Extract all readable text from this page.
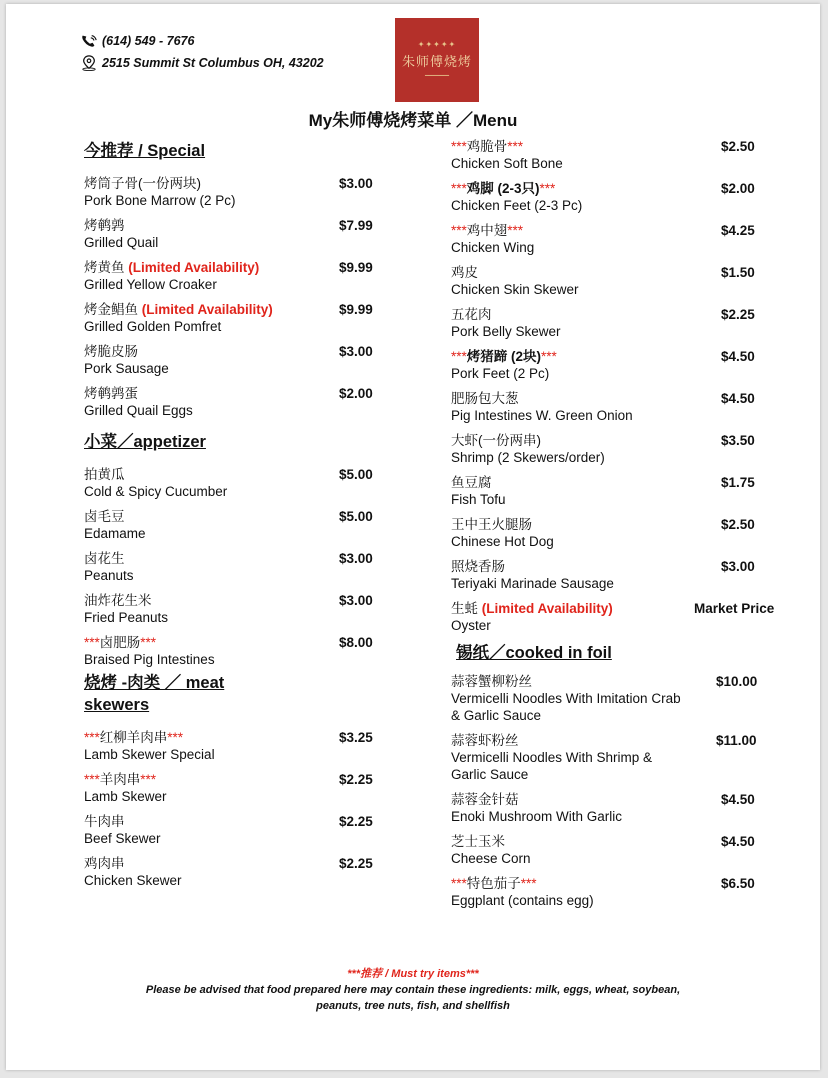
(614) 549 - 7676
2515 Summit St Columbus OH, 43202
✦✦✦✦✦
朱师傅烧烤
━━━━━━━━
My朱师傅烧烤菜单 ／Menu
今推荐 / Special
烤筒子骨(一份两块)
Pork Bone Marrow (2 Pc)
$3.00
烤鹌鹑
Grilled Quail
$7.99
烤黄鱼 (Limited Availability)
Grilled Yellow Croaker
$9.99
烤金鲳鱼 (Limited Availability)
Grilled Golden Pomfret
$9.99
烤脆皮肠
Pork Sausage
$3.00
烤鹌鹑蛋
Grilled Quail Eggs
$2.00
小菜／appetizer
拍黄瓜
Cold & Spicy Cucumber
$5.00
卤毛豆
Edamame
$5.00
卤花生
Peanuts
$3.00
油炸花生米
Fried Peanuts
$3.00
***卤肥肠***
Braised Pig Intestines
$8.00
烧烤 -肉类 ／ meat skewers
***红柳羊肉串***
Lamb Skewer Special
$3.25
***羊肉串***
Lamb Skewer
$2.25
牛肉串
Beef Skewer
$2.25
鸡肉串
Chicken Skewer
$2.25
***鸡脆骨***
Chicken Soft Bone
$2.50
***鸡脚 (2-3只)***
Chicken Feet (2-3 Pc)
$2.00
***鸡中翅***
Chicken Wing
$4.25
鸡皮
Chicken Skin Skewer
$1.50
五花肉
Pork Belly Skewer
$2.25
***烤猪蹄 (2块)***
Pork Feet (2 Pc)
$4.50
肥肠包大葱
Pig Intestines W. Green Onion
$4.50
大虾(一份两串)
Shrimp (2 Skewers/order)
$3.50
鱼豆腐
Fish Tofu
$1.75
王中王火腿肠
Chinese Hot Dog
$2.50
照烧香肠
Teriyaki Marinade Sausage
$3.00
生蚝 (Limited Availability)
Oyster
Market Price
锡纸／cooked in foil
蒜蓉蟹柳粉丝
Vermicelli Noodles With Imitation Crab & Garlic Sauce
$10.00
蒜蓉虾粉丝
Vermicelli Noodles With Shrimp & Garlic Sauce
$11.00
蒜蓉金针菇
Enoki Mushroom With Garlic
$4.50
芝士玉米
Cheese Corn
$4.50
***特色茄子***
Eggplant (contains egg)
$6.50
***推荐 / Must try items***
Please be advised that food prepared here may contain these ingredients: milk, eggs, wheat, soybean, peanuts, tree nuts, fish, and shellfish
